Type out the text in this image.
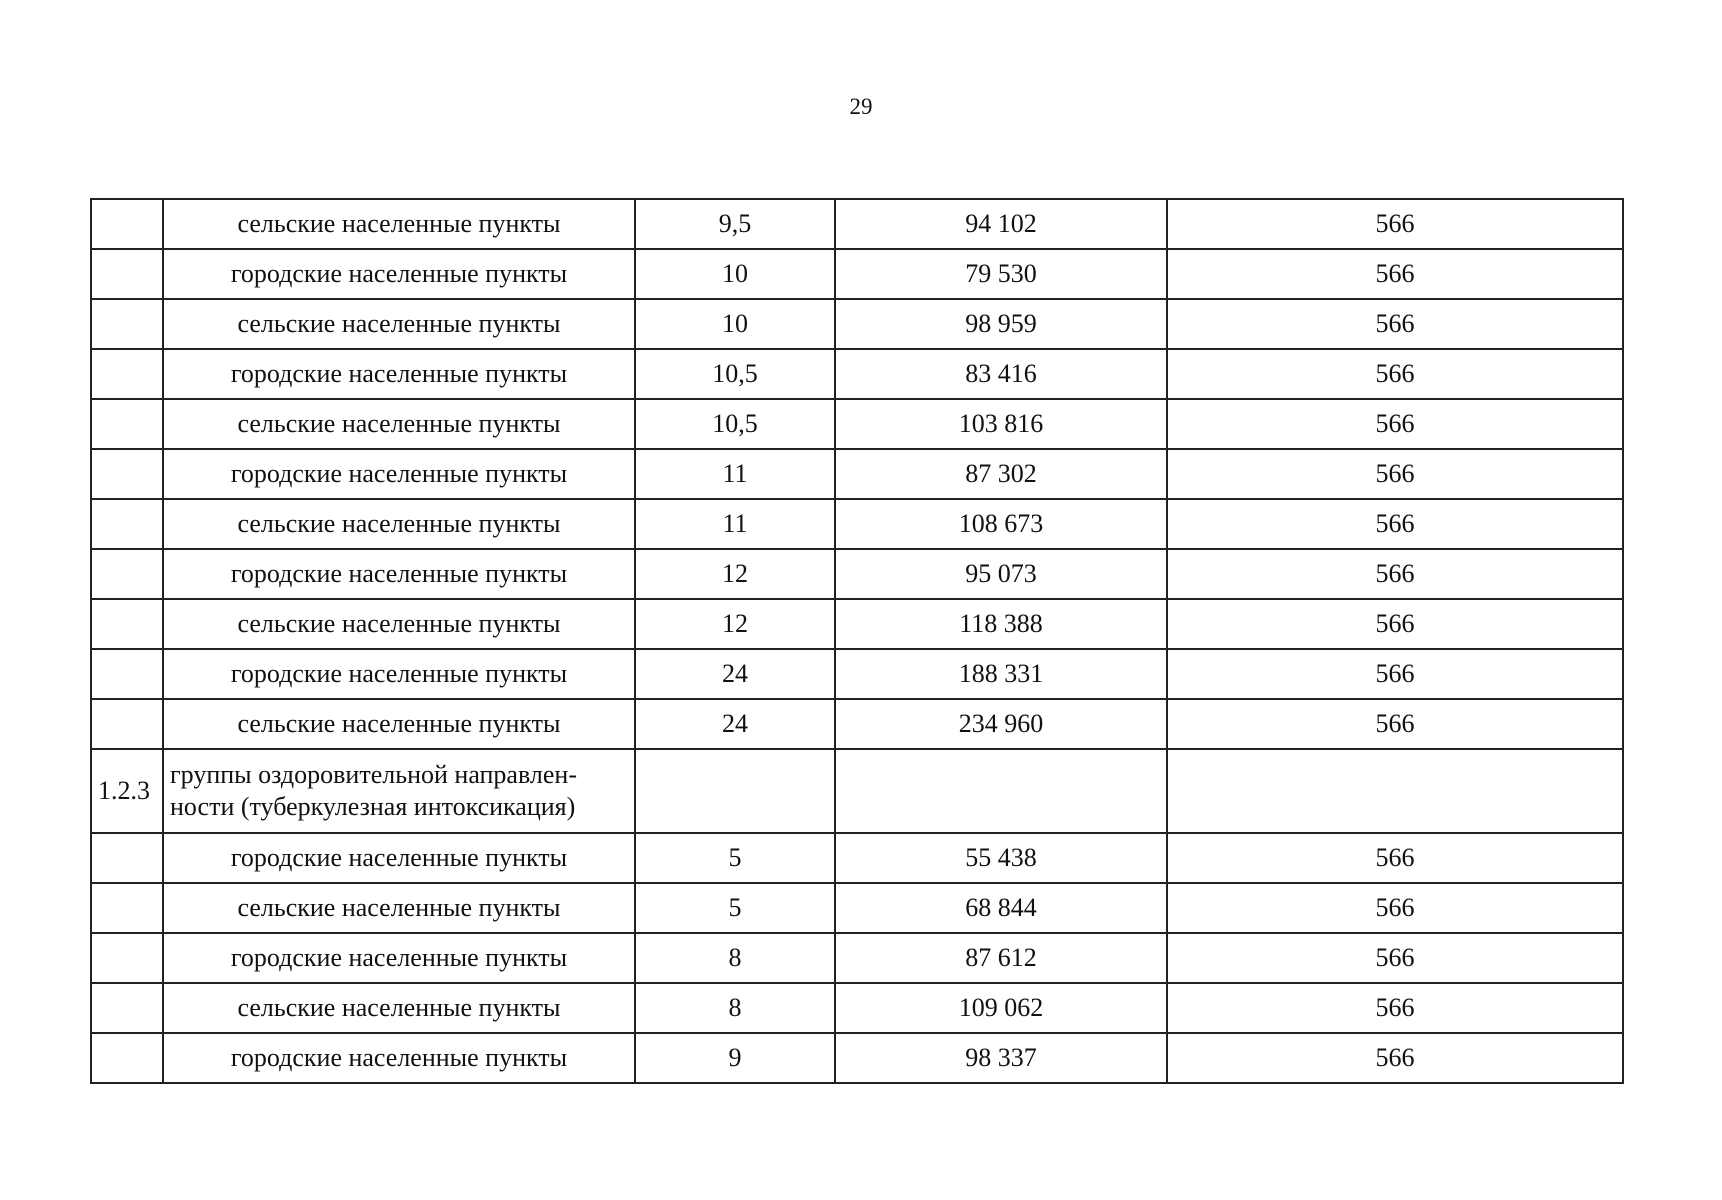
29
	сельские населенные пункты	9,5	94 102	566
	городские населенные пункты	10	79 530	566
	сельские населенные пункты	10	98 959	566
	городские населенные пункты	10,5	83 416	566
	сельские населенные пункты	10,5	103 816	566
	городские населенные пункты	11	87 302	566
	сельские населенные пункты	11	108 673	566
	городские населенные пункты	12	95 073	566
	сельские населенные пункты	12	118 388	566
	городские населенные пункты	24	188 331	566
	сельские населенные пункты	24	234 960	566
1.2.3	группы оздоровительной направлен-ности (туберкулезная интоксикация)			
	городские населенные пункты	5	55 438	566
	сельские населенные пункты	5	68 844	566
	городские населенные пункты	8	87 612	566
	сельские населенные пункты	8	109 062	566
	городские населенные пункты	9	98 337	566
